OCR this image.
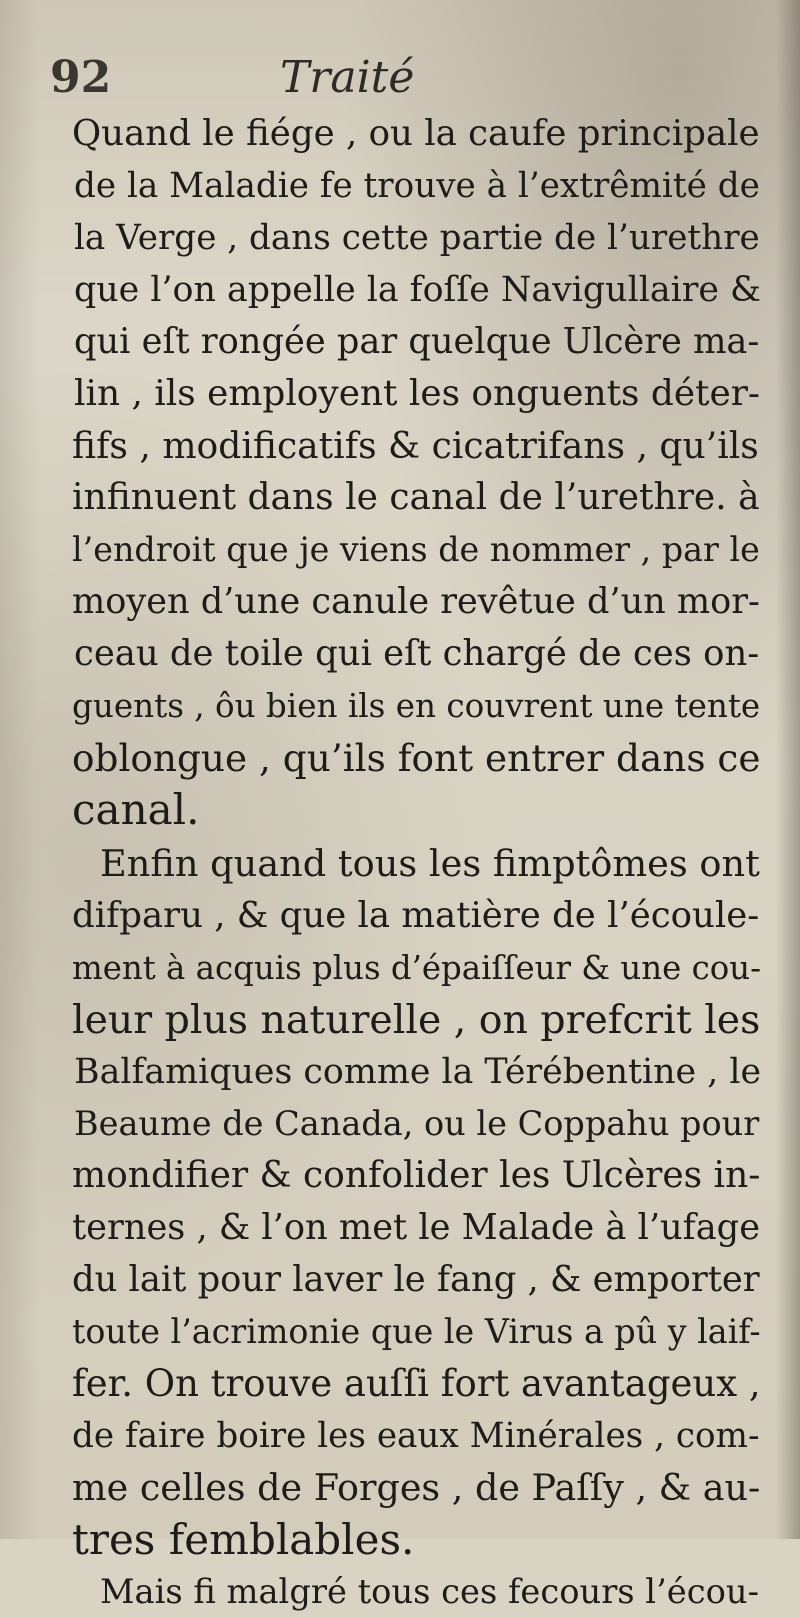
92	Traité
Quand le fiége , ou la caufe principale
de la Maladie fe trouve à l’extrêmité de
la Verge , dans cette partie de l’urethre
que l’on appelle la foſſe Navigullaire &
qui eſt rongée par quelque Ulcère ma-
lin , ils employent les onguents déter-
fifs , modificatifs & cicatrifans , qu’ils
infinuent dans le canal de l’urethre. à
l’endroit que je viens de nommer , par le
moyen d’une canule revêtue d’un mor-
ceau de toile qui eſt chargé de ces on-
guents , ôu bien ils en couvrent une tente
oblongue , qu’ils font entrer dans ce
canal.
Enfin quand tous les fimptômes ont
difparu , & que la matière de l’écoule-
ment à acquis plus d’épaiſſeur & une cou-
leur plus naturelle , on prefcrit les
Balfamiques comme la Térébentine , le
Beaume de Canada, ou le Coppahu pour
mondifier & confolider les Ulcères in-
ternes , & l’on met le Malade à l’ufage
du lait pour laver le fang , & emporter
toute l’acrimonie que le Virus a pû y laif-
fer. On trouve auſſi fort avantageux ,
de faire boire les eaux Minérales , com-
me celles de Forges , de Paſſy , & au-
tres femblables.
Mais fi malgré tous ces fecours l’écou-
